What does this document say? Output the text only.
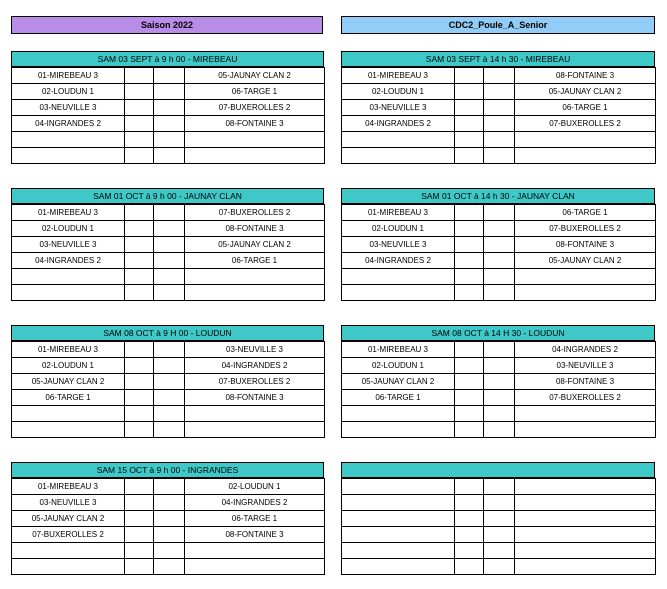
Saison 2022	CDC2_Poule_A_Senior
SAM 03 SEPT à 9 h 00 - MIREBEAU
01-MIREBEAU 3			05-JAUNAY CLAN 2
02-LOUDUN 1			06-TARGE 1
03-NEUVILLE 3			07-BUXEROLLES 2
04-INGRANDES 2			08-FONTAINE 3

SAM 03 SEPT à 14 h 30 - MIREBEAU
01-MIREBEAU 3			08-FONTAINE 3
02-LOUDUN 1			05-JAUNAY CLAN 2
03-NEUVILLE 3			06-TARGE 1
04-INGRANDES 2			07-BUXEROLLES 2

SAM 01 OCT à 9 h 00 - JAUNAY CLAN
01-MIREBEAU 3			07-BUXEROLLES 2
02-LOUDUN 1			08-FONTAINE 3
03-NEUVILLE 3			05-JAUNAY CLAN 2
04-INGRANDES 2			06-TARGE 1

SAM 01 OCT à 14 h 30 - JAUNAY CLAN
01-MIREBEAU 3			06-TARGE 1
02-LOUDUN 1			07-BUXEROLLES 2
03-NEUVILLE 3			08-FONTAINE 3
04-INGRANDES 2			05-JAUNAY CLAN 2

SAM 08 OCT à 9 H 00 - LOUDUN
01-MIREBEAU 3			03-NEUVILLE 3
02-LOUDUN 1			04-INGRANDES 2
05-JAUNAY CLAN 2			07-BUXEROLLES 2
06-TARGE 1			08-FONTAINE 3

SAM 08 OCT à 14 H 30 - LOUDUN
01-MIREBEAU 3			04-INGRANDES 2
02-LOUDUN 1			03-NEUVILLE 3
05-JAUNAY CLAN 2			08-FONTAINE 3
06-TARGE 1			07-BUXEROLLES 2

SAM 15 OCT à 9 h 00 - INGRANDES
01-MIREBEAU 3			02-LOUDUN 1
03-NEUVILLE 3			04-INGRANDES 2
05-JAUNAY CLAN 2			06-TARGE 1
07-BUXEROLLES 2			08-FONTAINE 3
